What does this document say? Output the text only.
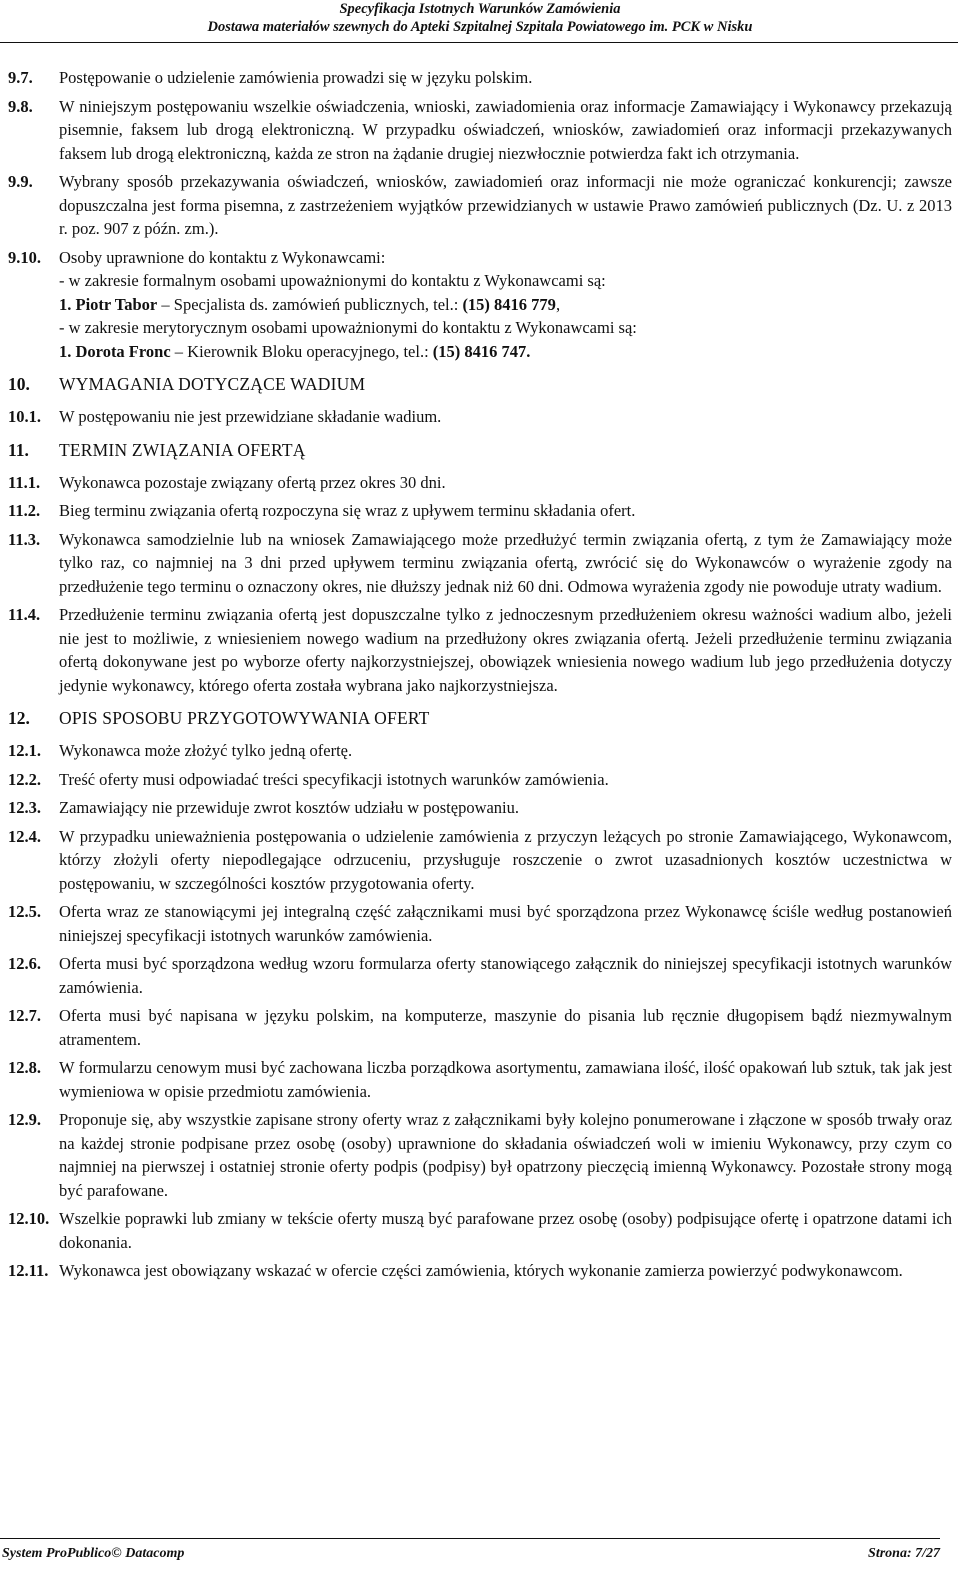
Specyfikacja Istotnych Warunków Zamówienia
Dostawa materiałów szewnych do Apteki Szpitalnej Szpitala Powiatowego im. PCK w Nisku
9.7.	Postępowanie o udzielenie zamówienia prowadzi się w języku polskim.
9.8.	W niniejszym postępowaniu wszelkie oświadczenia, wnioski, zawiadomienia oraz informacje Zamawiający i Wykonawcy przekazują pisemnie, faksem lub drogą elektroniczną. W przypadku oświadczeń, wniosków, zawiadomień oraz informacji przekazywanych faksem lub drogą elektroniczną, każda ze stron na żądanie drugiej niezwłocznie potwierdza fakt ich otrzymania.
9.9.	Wybrany sposób przekazywania oświadczeń, wniosków, zawiadomień oraz informacji nie może ograniczać konkurencji; zawsze dopuszczalna jest forma pisemna, z zastrzeżeniem wyjątków przewidzianych w ustawie Prawo zamówień publicznych (Dz. U. z 2013 r. poz. 907 z późn. zm.).
9.10.	Osoby uprawnione do kontaktu z Wykonawcami:

- w zakresie formalnym osobami upoważnionymi do kontaktu z Wykonawcami są:

1. Piotr Tabor – Specjalista ds. zamówień publicznych, tel.: (15) 8416 779,

- w zakresie merytorycznym osobami upoważnionymi do kontaktu z Wykonawcami są:

1. Dorota Fronc – Kierownik Bloku operacyjnego, tel.: (15) 8416 747.

10.	WYMAGANIA DOTYCZĄCE WADIUM
10.1.	W postępowaniu nie jest przewidziane składanie wadium.
11.	TERMIN ZWIĄZANIA OFERTĄ
11.1.	Wykonawca pozostaje związany ofertą przez okres 30 dni.
11.2.	Bieg terminu związania ofertą rozpoczyna się wraz z upływem terminu składania ofert.
11.3.	Wykonawca samodzielnie lub na wniosek Zamawiającego może przedłużyć termin związania ofertą, z tym że Zamawiający może tylko raz, co najmniej na 3 dni przed upływem terminu związania ofertą, zwrócić się do Wykonawców o wyrażenie zgody na przedłużenie tego terminu o oznaczony okres, nie dłuższy jednak niż 60 dni. Odmowa wyrażenia zgody nie powoduje utraty wadium.
11.4.	Przedłużenie terminu związania ofertą jest dopuszczalne tylko z jednoczesnym przedłużeniem okresu ważności wadium albo, jeżeli nie jest to możliwie, z wniesieniem nowego wadium na przedłużony okres związania ofertą. Jeżeli przedłużenie terminu związania ofertą dokonywane jest po wyborze oferty najkorzystniejszej, obowiązek wniesienia nowego wadium lub jego przedłużenia dotyczy jedynie wykonawcy, którego oferta została wybrana jako najkorzystniejsza.
12.	OPIS SPOSOBU PRZYGOTOWYWANIA OFERT
12.1.	Wykonawca może złożyć tylko jedną ofertę.
12.2.	Treść oferty musi odpowiadać treści specyfikacji istotnych warunków zamówienia.
12.3.	Zamawiający nie przewiduje zwrot kosztów udziału w postępowaniu.
12.4.	W przypadku unieważnienia postępowania o udzielenie zamówienia z przyczyn leżących po stronie Zamawiającego, Wykonawcom, którzy złożyli oferty niepodlegające odrzuceniu, przysługuje roszczenie o zwrot uzasadnionych kosztów uczestnictwa w postępowaniu, w szczególności kosztów przygotowania oferty.
12.5.	Oferta wraz ze stanowiącymi jej integralną część załącznikami musi być sporządzona przez Wykonawcę ściśle według postanowień niniejszej specyfikacji istotnych warunków zamówienia.
12.6.	Oferta musi być sporządzona według wzoru formularza oferty stanowiącego załącznik do niniejszej specyfikacji istotnych warunków zamówienia.
12.7.	Oferta musi być napisana w języku polskim, na komputerze, maszynie do pisania lub ręcznie długopisem bądź niezmywalnym atramentem.
12.8.	W formularzu cenowym musi być zachowana liczba porządkowa asortymentu, zamawiana ilość, ilość opakowań lub sztuk, tak jak jest wymieniowa w opisie przedmiotu zamówienia.
12.9.	Proponuje się, aby wszystkie zapisane strony oferty wraz z załącznikami były kolejno ponumerowane i złączone w sposób trwały oraz na każdej stronie podpisane przez osobę (osoby) uprawnione do składania oświadczeń woli w imieniu Wykonawcy, przy czym co najmniej na pierwszej i ostatniej stronie oferty podpis (podpisy) był opatrzony pieczęcią imienną Wykonawcy. Pozostałe strony mogą być parafowane.
12.10. Wszelkie poprawki lub zmiany w tekście oferty muszą być parafowane przez osobę (osoby) podpisujące ofertę i opatrzone datami ich dokonania.
12.11. Wykonawca jest obowiązany wskazać w ofercie części zamówienia, których wykonanie zamierza powierzyć podwykonawcom.
System ProPublico© Datacomp	Strona: 7/27
